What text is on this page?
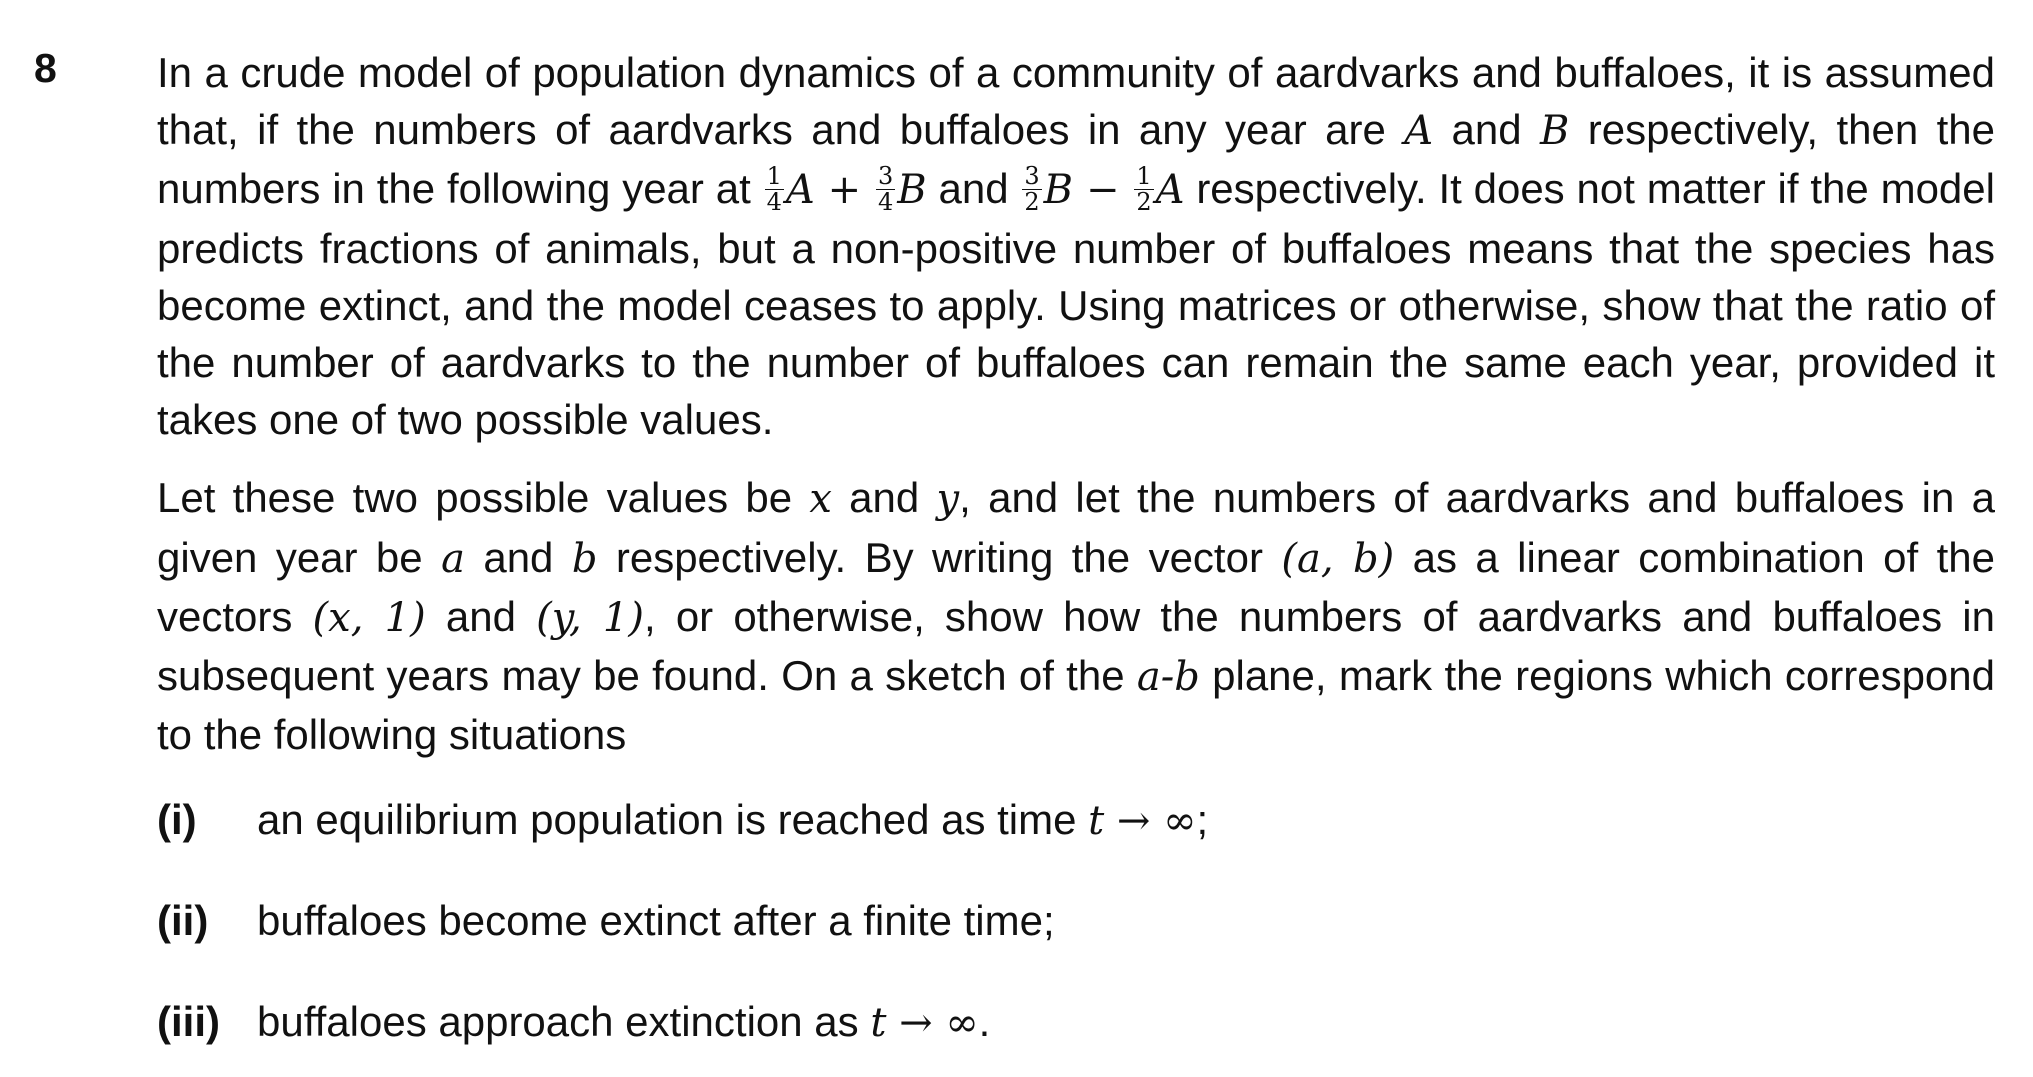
8 In a crude model of population dynamics of a community of aardvarks and buffaloes, it is assumed that, if the numbers of aardvarks and buffaloes in any year are A and B respectively, then the numbers in the following year at $\frac{1}{4}$ $A + \frac{3}{4}$ B and $\frac{3}{2}$ $B - \frac{1}{2}$ A respectively. It does not matter if the model predicts fractions of animals, but a non-positive number of buffaloes means that the species has become extinct, and the model ceases to apply. Using matrices or otherwise, show that the ratio of the number of aardvarks to the number of buffaloes can remain the same each year, provided it takes one of two possible values.

Let these two possible values be x and y, and let the numbers of aardvarks and buffaloes in a given year be a and b respectively. By writing the vector (a, b) as a linear combination of the vectors (x, 1) and (y, 1), or otherwise, show how the numbers of aardvarks and buffaloes in subsequent years may be found. On a sketch of the a-b plane, mark the regions which correspond to the following situations

(i)	an equilibrium population is reached as time t → ∞;
(ii)	buffaloes become extinct after a finite time;
(iii) buffaloes approach extinction as t → ∞.
